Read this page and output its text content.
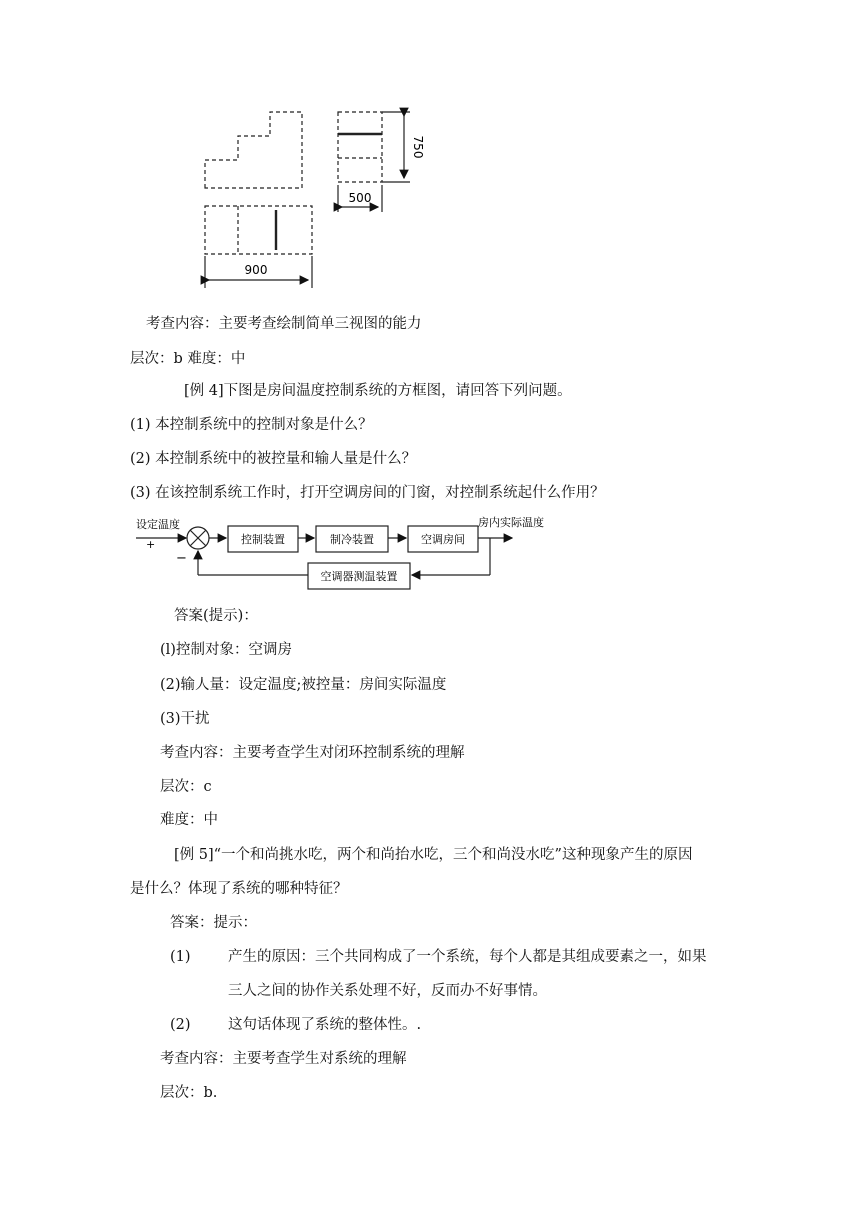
750
500
900
考查内容：主要考查绘制简单三视图的能力
层次：b 难度：中
[例 4]下图是房间温度控制系统的方框图，请回答下列问题。
(1) 本控制系统中的控制对象是什么？
(2) 本控制系统中的被控量和输人量是什么？
(3) 在该控制系统工作时，打开空调房间的门窗，对控制系统起什么作用？
设定温度
+
−
控制装置	制冷装置	空调房间
房内实际温度
空调器测温装置
答案(提示)：
(l)控制对象：空调房
(2)输人量：设定温度;被控量：房间实际温度
(3)干扰
考查内容：主要考查学生对闭环控制系统的理解
层次：c
难度：中
[例 5]“一个和尚挑水吃，两个和尚抬水吃，三个和尚没水吃”这种现象产生的原因
是什么？体现了系统的哪种特征？
答案：提示：
(1)	产生的原因：三个共同构成了一个系统，每个人都是其组成要素之一，如果
三人之间的协作关系处理不好，反而办不好事情。
(2)	这句话体现了系统的整体性。.
考查内容：主要考查学生对系统的理解
层次：b.
